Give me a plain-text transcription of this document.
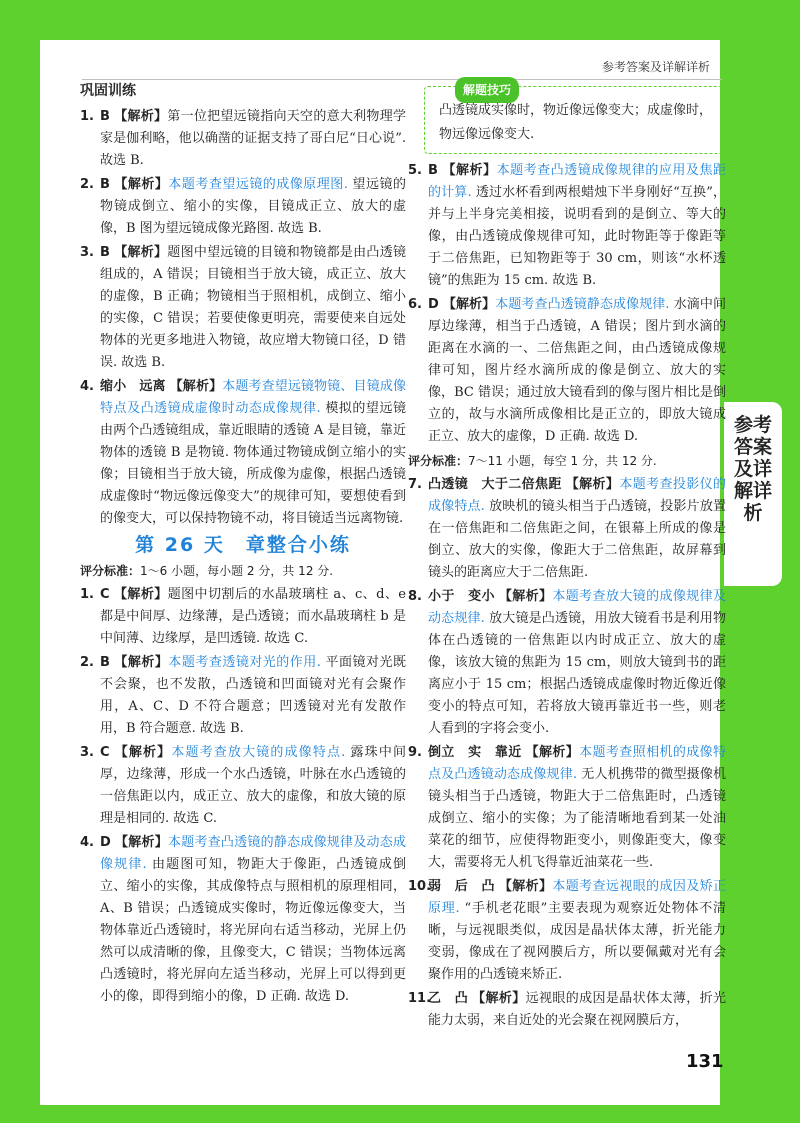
参考答案及详解详析
参考答案及详解详析
131
巩固训练
1. B 【解析】第一位把望远镜指向天空的意大利物理学家是伽利略，他以确凿的证据支持了哥白尼“日心说”. 故选 B.
2. B 【解析】本题考查望远镜的成像原理图. 望远镜的物镜成倒立、缩小的实像，目镜成正立、放大的虚像，B 图为望远镜成像光路图. 故选 B.
3. B 【解析】题图中望远镜的目镜和物镜都是由凸透镜组成的，A 错误；目镜相当于放大镜，成正立、放大的虚像，B 正确；物镜相当于照相机，成倒立、缩小的实像，C 错误；若要使像更明亮，需要使来自远处物体的光更多地进入物镜，故应增大物镜口径，D 错误. 故选 B.
4. 缩小　远离 【解析】本题考查望远镜物镜、目镜成像特点及凸透镜成虚像时动态成像规律. 模拟的望远镜由两个凸透镜组成，靠近眼睛的透镜 A 是目镜，靠近物体的透镜 B 是物镜. 物体通过物镜成倒立缩小的实像；目镜相当于放大镜，所成像为虚像，根据凸透镜成虚像时“物远像远像变大”的规律可知，要想使看到的像变大，可以保持物镜不动，将目镜适当远离物镜.
第 26 天　章整合小练
评分标准：1～6 小题，每小题 2 分，共 12 分.
1. C 【解析】题图中切割后的水晶玻璃柱 a、c、d、e 都是中间厚、边缘薄，是凸透镜；而水晶玻璃柱 b 是中间薄、边缘厚，是凹透镜. 故选 C.
2. B 【解析】本题考查透镜对光的作用. 平面镜对光既不会聚，也不发散，凸透镜和凹面镜对光有会聚作用，A、C、D 不符合题意；凹透镜对光有发散作用，B 符合题意. 故选 B.
3. C 【解析】本题考查放大镜的成像特点. 露珠中间厚，边缘薄，形成一个水凸透镜，叶脉在水凸透镜的一倍焦距以内，成正立、放大的虚像，和放大镜的原理是相同的. 故选 C.
4. D 【解析】本题考查凸透镜的静态成像规律及动态成像规律. 由题图可知，物距大于像距，凸透镜成倒立、缩小的实像，其成像特点与照相机的原理相同，A、B 错误；凸透镜成实像时，物近像远像变大，当物体靠近凸透镜时，将光屏向右适当移动，光屏上仍然可以成清晰的像，且像变大，C 错误；当物体远离凸透镜时，将光屏向左适当移动，光屏上可以得到更小的像，即得到缩小的像，D 正确. 故选 D.
解题技巧
凸透镜成实像时，物近像远像变大；成虚像时，物远像远像变大.
5. B 【解析】本题考查凸透镜成像规律的应用及焦距的计算. 透过水杯看到两根蜡烛下半身刚好“互换”，并与上半身完美相接，说明看到的是倒立、等大的像，由凸透镜成像规律可知，此时物距等于像距等于二倍焦距，已知物距等于 30 cm，则该“水杯透镜”的焦距为 15 cm. 故选 B.
6. D 【解析】本题考查凸透镜静态成像规律. 水滴中间厚边缘薄，相当于凸透镜，A 错误；图片到水滴的距离在水滴的一、二倍焦距之间，由凸透镜成像规律可知，图片经水滴所成的像是倒立、放大的实像，BC 错误；通过放大镜看到的像与图片相比是倒立的，故与水滴所成像相比是正立的，即放大镜成正立、放大的虚像，D 正确. 故选 D.
评分标准：7～11 小题，每空 1 分，共 12 分.
7. 凸透镜　大于二倍焦距 【解析】本题考查投影仪的成像特点. 放映机的镜头相当于凸透镜，投影片放置在一倍焦距和二倍焦距之间，在银幕上所成的像是倒立、放大的实像，像距大于二倍焦距，故屏幕到镜头的距离应大于二倍焦距.
8. 小于　变小 【解析】本题考查放大镜的成像规律及动态规律. 放大镜是凸透镜，用放大镜看书是利用物体在凸透镜的一倍焦距以内时成正立、放大的虚像，该放大镜的焦距为 15 cm，则放大镜到书的距离应小于 15 cm；根据凸透镜成虚像时物近像近像变小的特点可知，若将放大镜再靠近书一些，则老人看到的字将会变小.
9. 倒立　实　靠近 【解析】本题考查照相机的成像特点及凸透镜动态成像规律. 无人机携带的微型摄像机镜头相当于凸透镜，物距大于二倍焦距时，凸透镜成倒立、缩小的实像；为了能清晰地看到某一处油菜花的细节，应使得物距变小，则像距变大，像变大，需要将无人机飞得靠近油菜花一些.
10.
弱　后　凸 【解析】本题考查远视眼的成因及矫正原理. “手机老花眼”主要表现为观察近处物体不清晰，与远视眼类似，成因是晶状体太薄，折光能力变弱，像成在了视网膜后方，所以要佩戴对光有会聚作用的凸透镜来矫正.
11.
乙　凸 【解析】远视眼的成因是晶状体太薄，折光能力太弱，来自近处的光会聚在视网膜后方，
